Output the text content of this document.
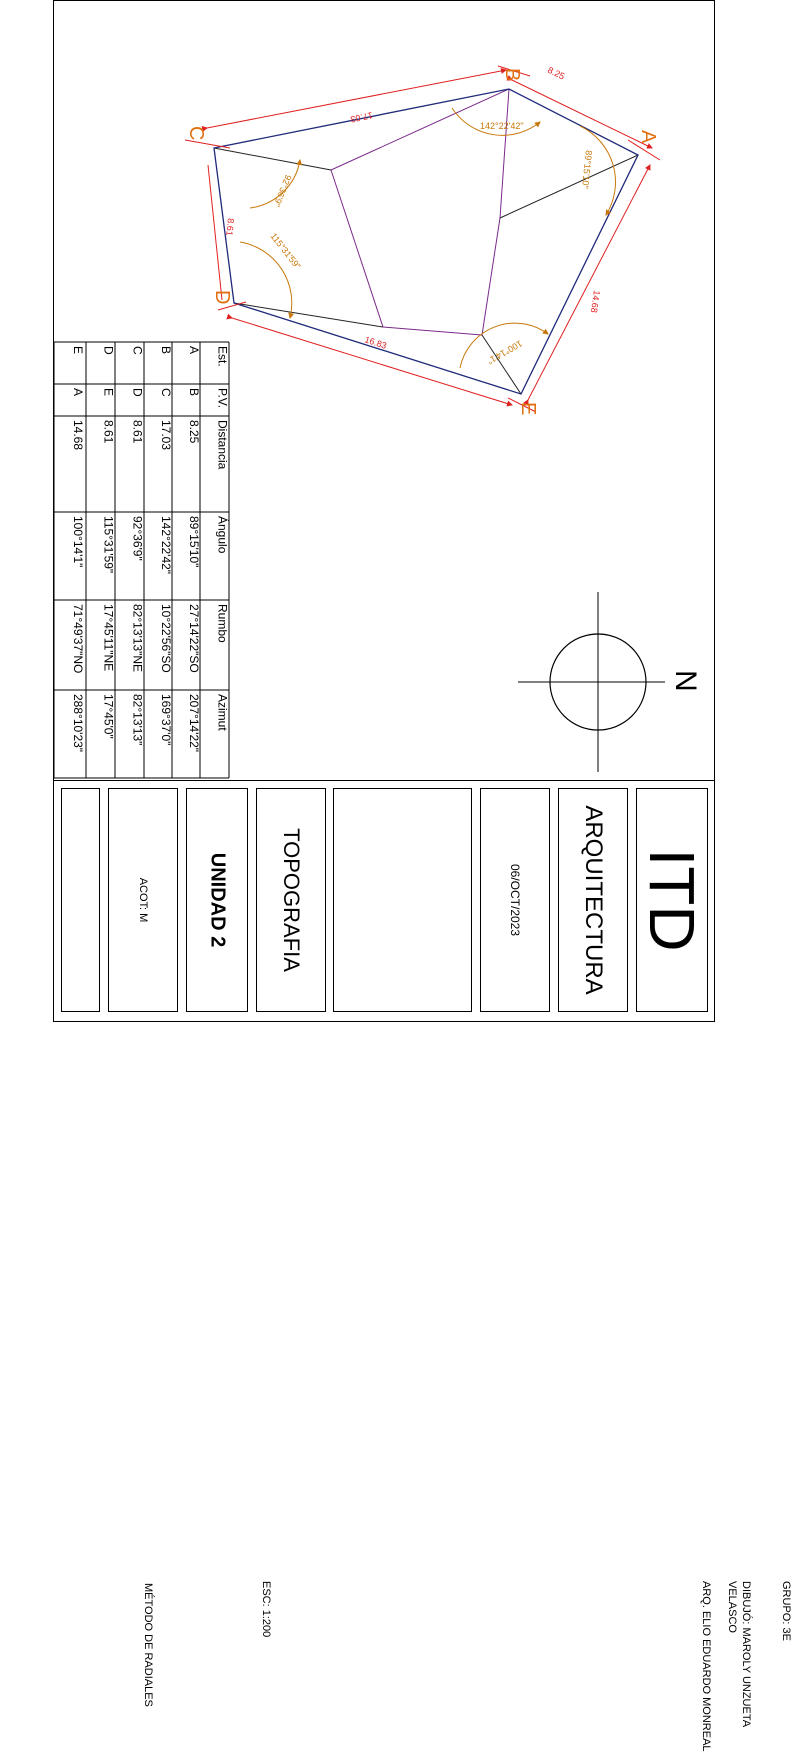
ITD
ARQUITECTURA
06/OCT/2023
GRUPO: 3E
DIBUJÓ: MAROLY UNZUETA
VELASCO
ARQ. ELIO EDUARDO MONREAL
TOPOGRAFIA
UNIDAD 2
ESC: 1:200
ACOT: M
MÉTODO DE RADIALES
A
B
C
D
E
8.25
17.03
8.61
16.83
14.68
89°15'10"
142°22'42"
92°36'9"
115°31'59"
100°14'1"
N
Est.
P.V.
Distancia
Ángulo
Rumbo
Azimut
A
B
8.25
89°15'10"
27°14'22"SO
207°14'22"
B
C
17.03
142°22'42"
10°22'56"SO
169°37'0"
C
D
8.61
92°36'9"
82°13'13"NE
82°13'13"
D
E
8.61
115°31'59"
17°45'11"NE
17°45'0"
E
A
14.68
100°14'1"
71°49'37"NO
288°10'23"
